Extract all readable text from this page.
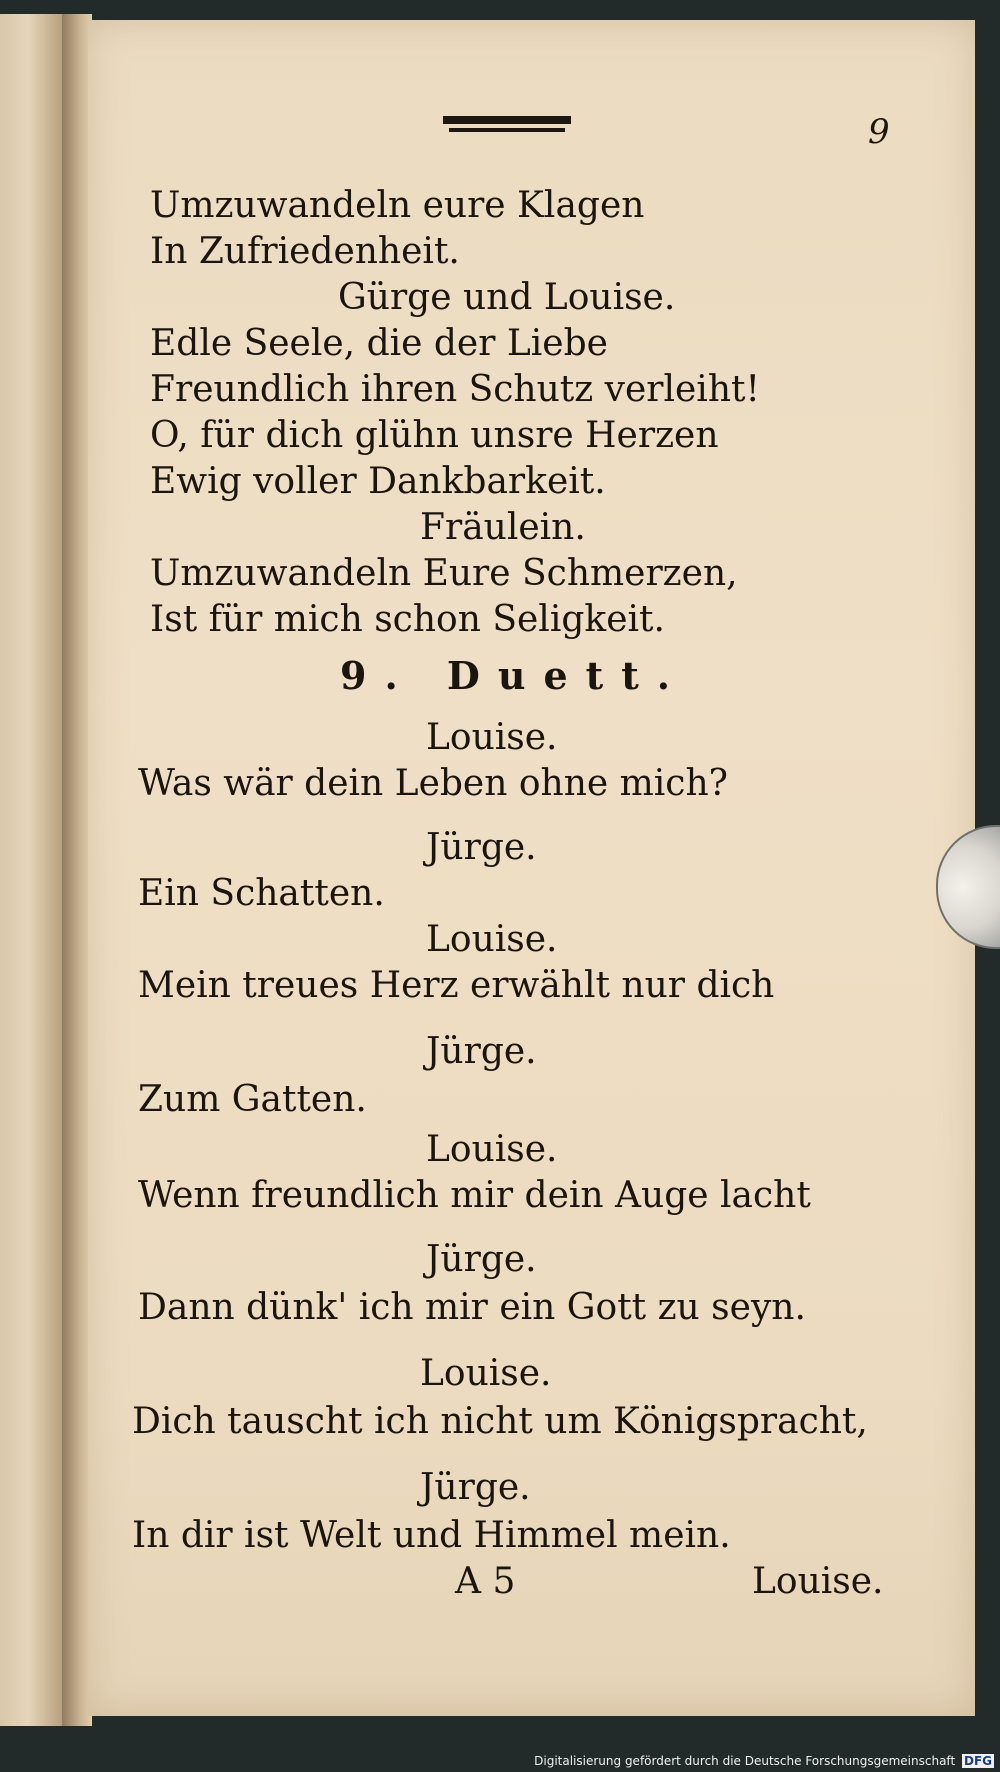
9
Umzuwandeln eure Klagen
In Zufriedenheit.
Gürge und Louise.
Edle Seele, die der Liebe
Freundlich ihren Schutz verleiht!
O, für dich glühn unsre Herzen
Ewig voller Dankbarkeit.
Fräulein.
Umzuwandeln Eure Schmerzen,
Ist für mich schon Seligkeit.
9. Duett.
Louise.
Was wär dein Leben ohne mich?
Jürge.
Ein Schatten.
Louise.
Mein treues Herz erwählt nur dich
Jürge.
Zum Gatten.
Louise.
Wenn freundlich mir dein Auge lacht
Jürge.
Dann dünk' ich mir ein Gott zu seyn.
Louise.
Dich tauscht ich nicht um Königspracht,
Jürge.
In dir ist Welt und Himmel mein.
A 5	Louise.
Digitalisierung gefördert durch die Deutsche Forschungsgemeinschaft DFG
